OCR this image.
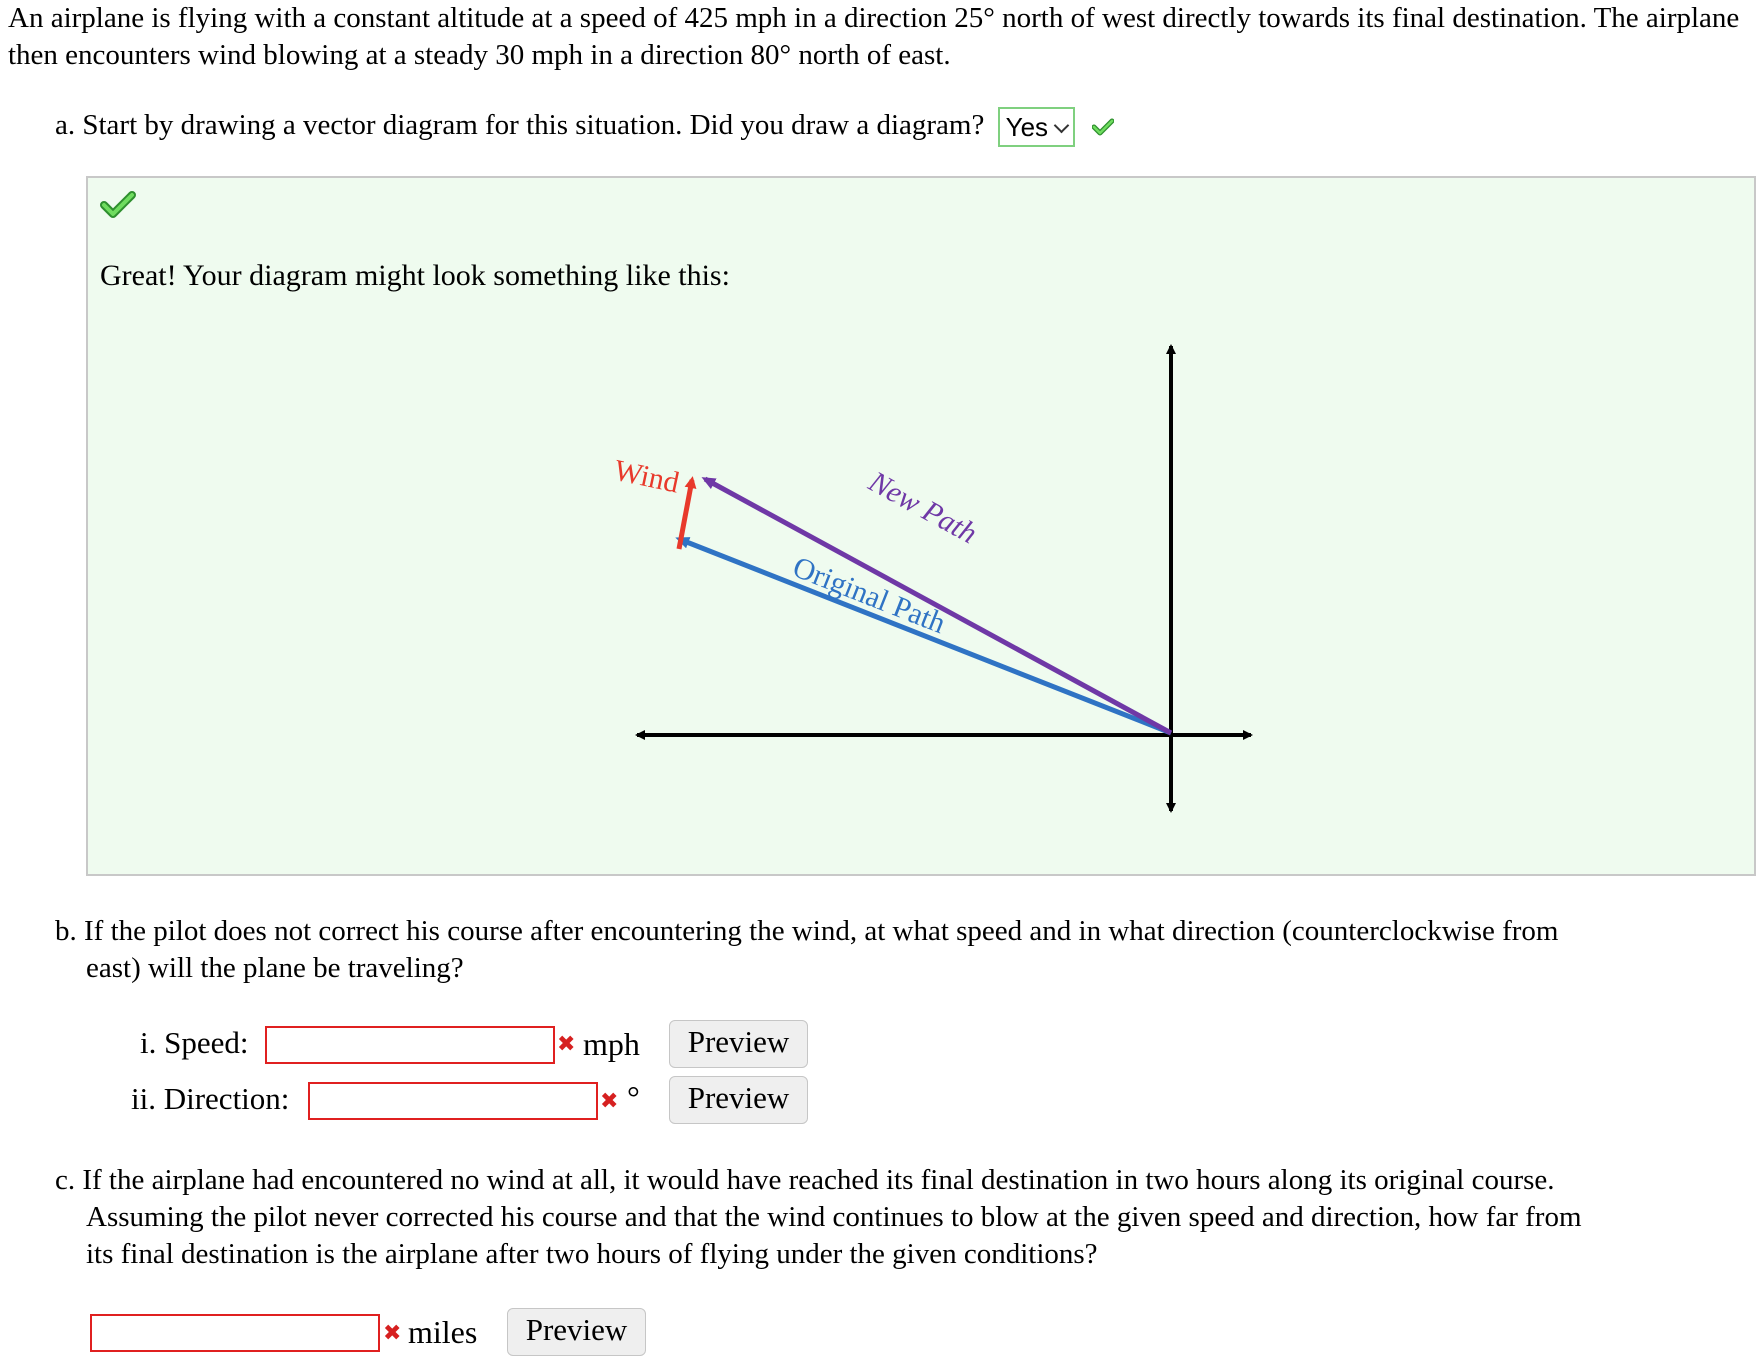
An airplane is flying with a constant altitude at a speed of 425 mph in a direction 25° north of west directly towards its final destination. The airplane then encounters wind blowing at a steady 30 mph in a direction 80° north of east.
a. Start by drawing a vector diagram for this situation. Did you draw a diagram? Yes
Great! Your diagram might look something like this:
Wind	New Path
Original Path
b. If the pilot does not correct his course after encountering the wind, at what speed and in what direction (counterclockwise from
east) will the plane be traveling?
i. Speed:	✖ mph	Preview
ii. Direction:	✖ °	Preview
c. If the airplane had encountered no wind at all, it would have reached its final destination in two hours along its original course.
Assuming the pilot never corrected his course and that the wind continues to blow at the given speed and direction, how far from
its final destination is the airplane after two hours of flying under the given conditions?
✖ miles	Preview
